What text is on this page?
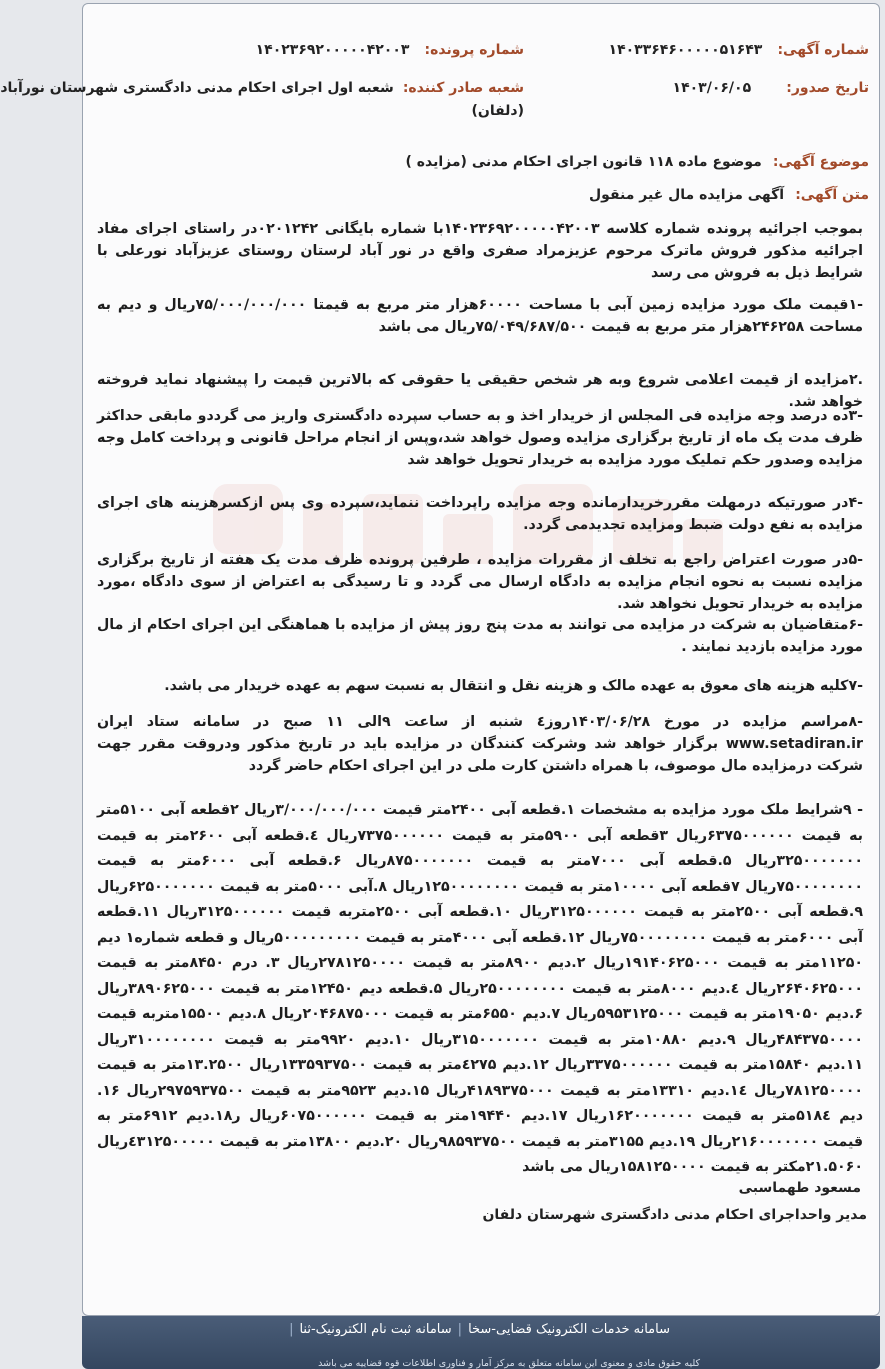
شماره آگهی: ۱۴۰۳۳۶۴۶۰۰۰۰۰۵۱۶۴۳
شماره پرونده: ۱۴۰۲۳۶۹۲۰۰۰۰۰۴۲۰۰۳
تاریخ صدور: ۱۴۰۳/۰۶/۰۵
شعبه صادر کننده: شعبه اول اجرای احکام مدنی دادگستری شهرستان نورآباد
(دلفان)
موضوع آگهی: موضوع ماده ۱۱۸ قانون اجرای احکام مدنی (مزایده )
متن آگهی: آگهی مزایده مال غیر منقول
بموجب اجرائیه پرونده شماره کلاسه ۱۴۰۲۳۶۹۲۰۰۰۰۰۴۲۰۰۳با شماره بایگانی ۰۲۰۱۲۴۲در راستای اجرای مفاد اجرائیه مذکور فروش ماترک مرحوم عزیزمراد صفری واقع در نور آباد لرستان روستای عزیزآباد نورعلی با شرایط ذیل به فروش می رسد
-۱قیمت ملک مورد مزایده زمین آبی با مساحت ۶۰۰۰۰هزار متر مربع به قیمتا ۷۵/۰۰۰/۰۰۰/۰۰۰ریال و دیم به مساحت ۲۴۶۲۵۸هزار متر مربع به قیمت ۷۵/۰۴۹/۶۸۷/۵۰۰ریال می باشد
.۲مزایده از قیمت اعلامی شروع وبه هر شخص حقیقی یا حقوقی که بالاترین قیمت را پیشنهاد نماید فروخته خواهد شد.
-۳ده درصد وجه مزایده فی المجلس از خریدار اخذ و به حساب سپرده دادگستری واریز می گرددو مابقی حداکثر ظرف مدت یک ماه از تاریخ برگزاری مزایده وصول خواهد شد،وپس از انجام مراحل قانونی و پرداخت کامل وجه مزایده وصدور حکم تملیک مورد مزایده به خریدار تحویل خواهد شد
-۴در صورتیکه درمهلت مقررخریدارمانده وجه مزایده راپرداخت ننماید،سپرده وی پس ازکسرهزینه های اجرای مزایده به نفع دولت ضبط ومزایده تجدیدمی گردد.
-۵در صورت اعتراض راجع به تخلف از مقررات مزایده ، طرفین پرونده ظرف مدت یک هفته از تاریخ برگزاری مزایده نسبت به نحوه انجام مزایده به دادگاه ارسال می گردد و تا رسیدگی به اعتراض از سوی دادگاه ،مورد مزایده به خریدار تحویل نخواهد شد.
-۶متقاضیان به شرکت در مزایده می توانند به مدت پنج روز پیش از مزایده با هماهنگی این اجرای احکام از مال مورد مزایده بازدید نمایند .
-۷کلیه هزینه های معوق به عهده مالک و هزینه نقل و انتقال به نسبت سهم به عهده خریدار می باشد.
-۸مراسم مزایده در مورخ ۱۴۰۳/۰۶/۲۸روز٤ شنبه از ساعت ۹الی ۱۱ صبح در سامانه ستاد ایران www.setadiran.ir برگزار خواهد شد وشرکت کنندگان در مزایده باید در تاریخ مذکور ودروقت مقرر جهت شرکت درمزایده مال موصوف، با همراه داشتن کارت ملی در این اجرای احکام حاضر گردد
- ۹شرایط ملک مورد مزایده به مشخصات ۱.قطعه آبی ۲۴۰۰متر قیمت ۳/۰۰۰/۰۰۰/۰۰۰ریال ۲قطعه آبی ۵۱۰۰متر به قیمت ۶۳۷۵۰۰۰۰۰۰ریال ۳قطعه آبی ۵۹۰۰متر به قیمت ۷۳۷۵۰۰۰۰۰۰ریال ٤.قطعه آبی ۲۶۰۰متر به قیمت ۳۲۵۰۰۰۰۰۰۰ریال ۵.قطعه آبی ۷۰۰۰متر به قیمت ۸۷۵۰۰۰۰۰۰۰ریال ۶.قطعه آبی ۶۰۰۰متر به قیمت ۷۵۰۰۰۰۰۰۰۰ریال ۷قطعه آبی ۱۰۰۰۰متر به قیمت ۱۲۵۰۰۰۰۰۰۰۰ریال ۸.آبی ۵۰۰۰متر به قیمت ۶۲۵۰۰۰۰۰۰۰ریال ۹.قطعه آبی ۲۵۰۰متر به قیمت ۳۱۲۵۰۰۰۰۰۰ریال ۱۰.قطعه آبی ۲۵۰۰متربه قیمت ۳۱۲۵۰۰۰۰۰۰ریال ۱۱.قطعه آبی ۶۰۰۰متر به قیمت ۷۵۰۰۰۰۰۰۰۰ریال ۱۲.قطعه آبی ۴۰۰۰متر به قیمت ۵۰۰۰۰۰۰۰۰۰ریال و قطعه شماره۱ دیم ۱۱۲۵۰متر به قیمت ۱۹۱۴۰۶۲۵۰۰۰ریال ۲.دیم ۸۹۰۰متر به قیمت ۲۷۸۱۲۵۰۰۰۰ریال ۳. درم ۸۴۵۰متر به قیمت ۲۶۴۰۶۲۵۰۰۰ریال ٤.دیم ۸۰۰۰متر به قیمت ۲۵۰۰۰۰۰۰۰۰ریال ۵.قطعه دیم ۱۲۴۵۰متر به قیمت ۳۸۹۰۶۲۵۰۰۰ریال ۶.دیم ۱۹۰۵۰متر به قیمت ۵۹۵۳۱۲۵۰۰۰ریال ۷.دیم ۶۵۵۰متر به قیمت ۲۰۴۶۸۷۵۰۰۰ریال ۸.دیم ۱۵۵۰۰متربه قیمت ۴۸۴۳۷۵۰۰۰۰ریال ۹.دیم ۱۰۸۸۰متر به قیمت ۳۱۵۰۰۰۰۰۰۰ریال ۱۰.دیم ۹۹۲۰متر به قیمت ۳۱۰۰۰۰۰۰۰۰ریال ۱۱.دیم ۱۵۸۴۰متر به قیمت ۳۳۷۵۰۰۰۰۰۰ریال ۱۲.دیم ٤۲۷۵متر به قیمت ۱۳۳۵۹۳۷۵۰۰ریال ۱۳.۲۵۰۰متر به قیمت ۷۸۱۲۵۰۰۰۰ریال ۱٤.دیم ۱۳۳۱۰متر به قیمت ۴۱۸۹۳۷۵۰۰۰ریال ۱۵.دیم ۹۵۲۳متر به قیمت ۲۹۷۵۹۳۷۵۰۰ریال ۱۶. دیم ۵۱۸٤متر به قیمت ۱۶۲۰۰۰۰۰۰۰ریال ۱۷.دیم ۱۹۴۴۰متر به قیمت ۶۰۷۵۰۰۰۰۰۰ریال ر۱۸.دیم ۶۹۱۲متر به قیمت ۲۱۶۰۰۰۰۰۰۰ریال ۱۹.دیم ۳۱۵۵متر به قیمت ۹۸۵۹۳۷۵۰۰ریال ۲۰.دیم ۱۳۸۰۰متر به قیمت ٤۳۱۲۵۰۰۰۰۰ریال ۲۱.۵۰۶۰مکتر به قیمت ۱۵۸۱۲۵۰۰۰۰ریال می باشد
مسعود طهماسبی
مدیر واحداجرای احکام مدنی دادگستری شهرستان دلفان
سامانه خدمات الکترونیک قضایی-سخا|سامانه ثبت نام الکترونیک-ثنا|
کلیه حقوق مادی و معنوی این سامانه متعلق به مرکز آمار و فناوری اطلاعات قوه قضاییه می باشد
